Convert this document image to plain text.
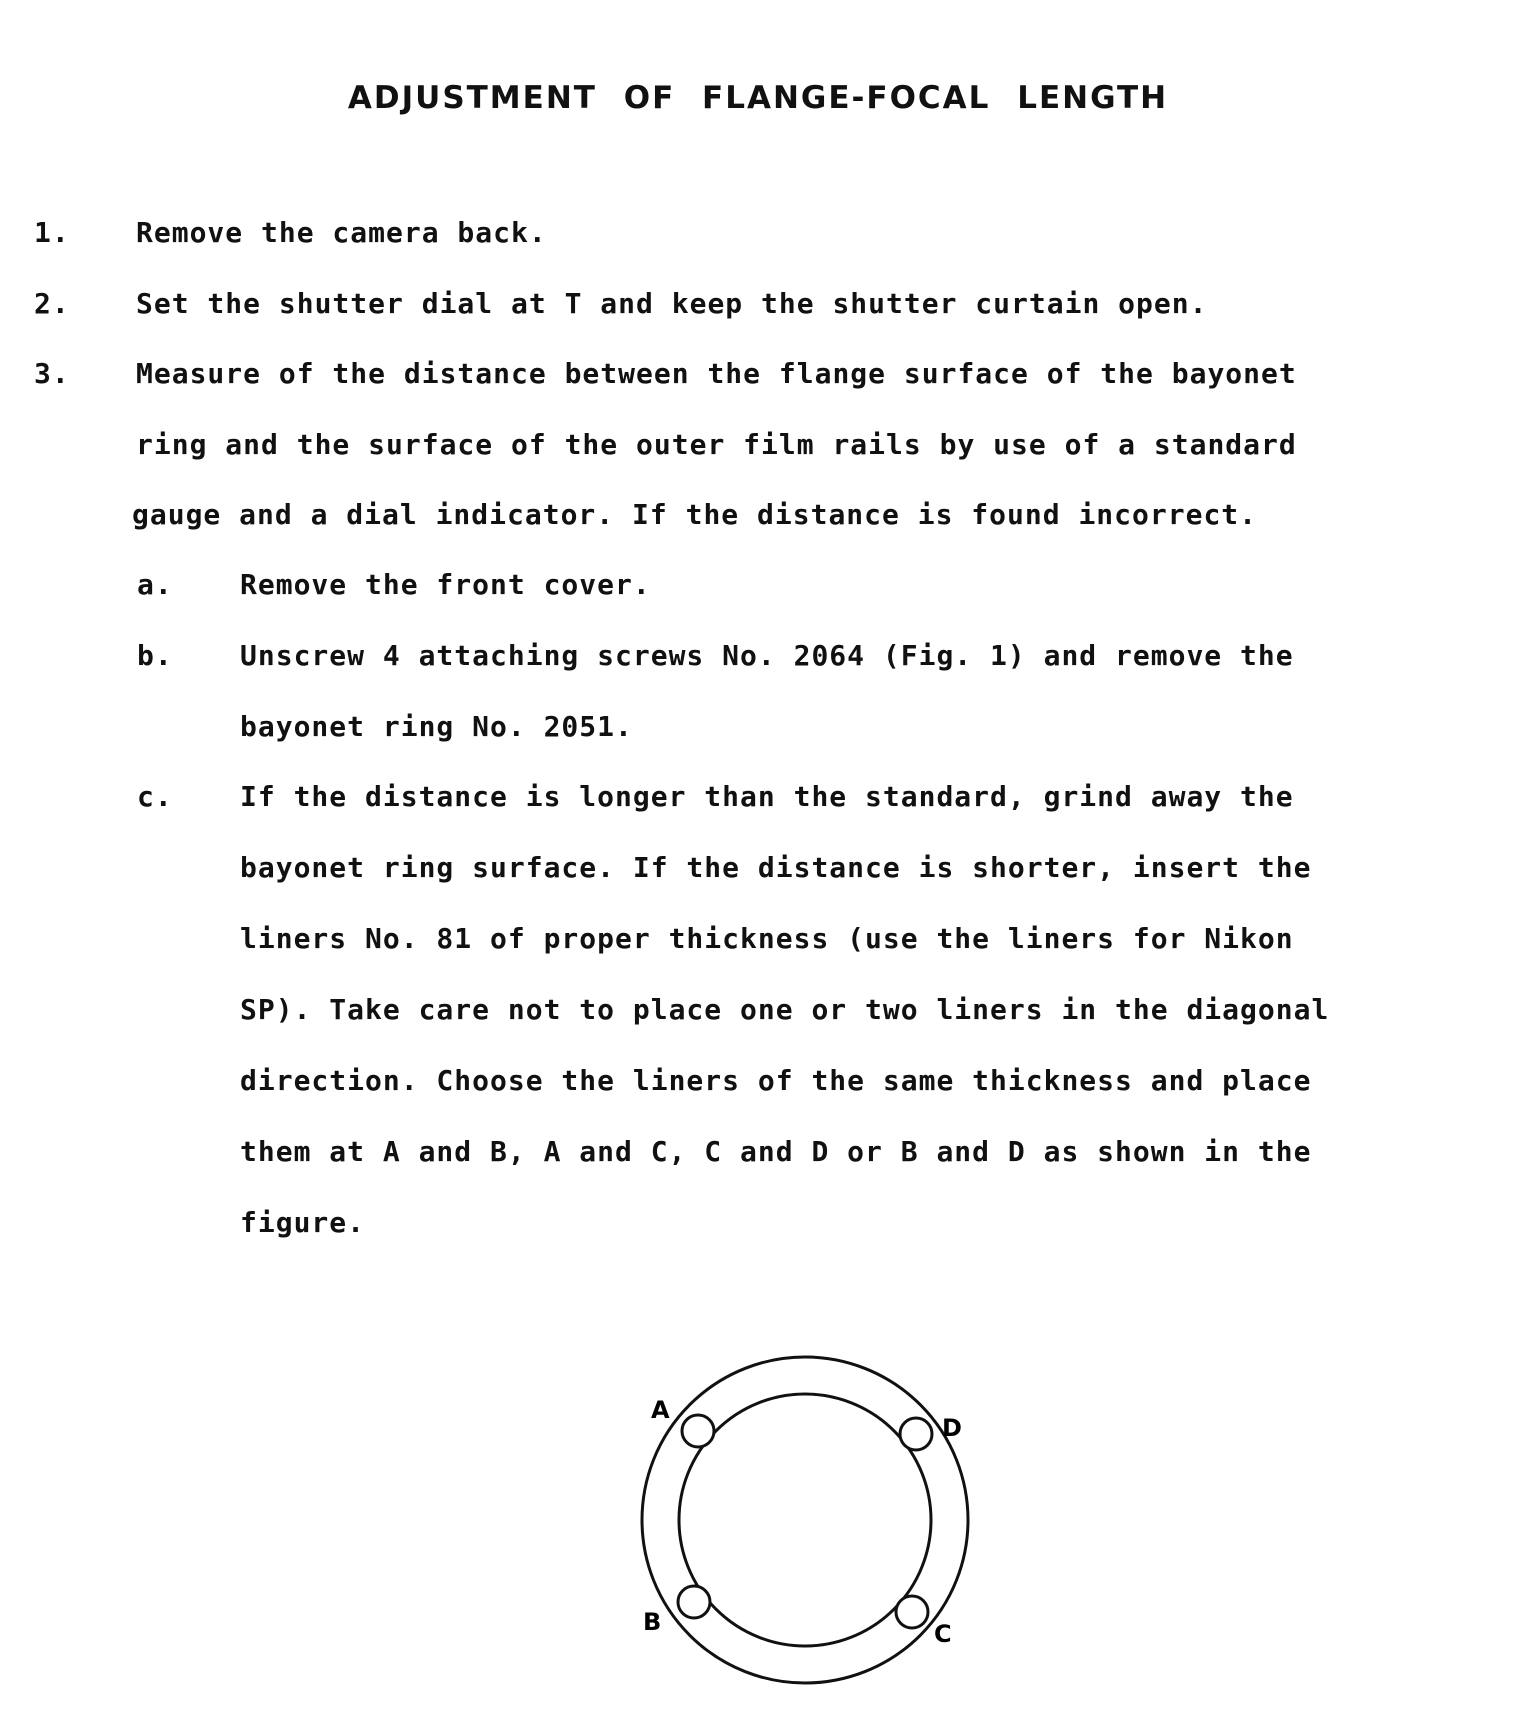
ADJUSTMENT OF FLANGE-FOCAL LENGTH
1. Remove the camera back.
2. Set the shutter dial at T and keep the shutter curtain open.
3. Measure of the distance between the flange surface of the bayonet
ring and the surface of the outer film rails by use of a standard
gauge and a dial indicator. If the distance is found incorrect.
a. Remove the front cover.
b. Unscrew 4 attaching screws No. 2064 (Fig. 1) and remove the
bayonet ring No. 2051.
c. If the distance is longer than the standard, grind away the
bayonet ring surface. If the distance is shorter, insert the
liners No. 81 of proper thickness (use the liners for Nikon
SP). Take care not to place one or two liners in the diagonal
direction. Choose the liners of the same thickness and place
them at A and B, A and C, C and D or B and D as shown in the
figure.
A
D
B	C
